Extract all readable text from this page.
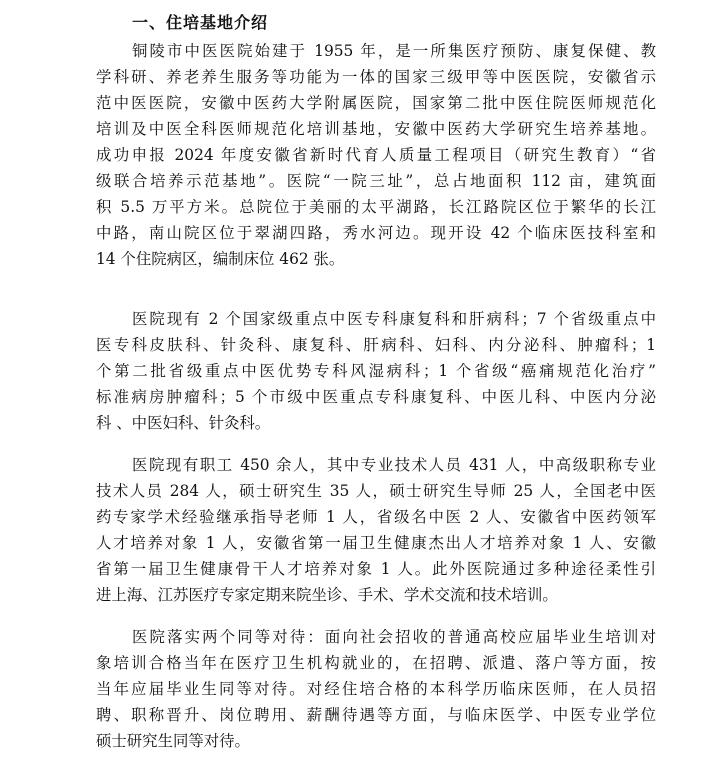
一、住培基地介绍
铜陵市中医医院始建于 1955 年，是一所集医疗预防、康复保健、教
学科研、养老养生服务等功能为一体的国家三级甲等中医医院，安徽省示
范中医医院，安徽中医药大学附属医院，国家第二批中医住院医师规范化
培训及中医全科医师规范化培训基地，安徽中医药大学研究生培养基地。
成功申报 2024 年度安徽省新时代育人质量工程项目（研究生教育）“省
级联合培养示范基地”。医院“一院三址”，总占地面积 112 亩，建筑面
积 5.5 万平方米。总院位于美丽的太平湖路，长江路院区位于繁华的长江
中路，南山院区位于翠湖四路，秀水河边。现开设 42 个临床医技科室和
14 个住院病区，编制床位 462 张。
医院现有 2 个国家级重点中医专科康复科和肝病科；7 个省级重点中
医专科皮肤科、针灸科、康复科、肝病科、妇科、内分泌科、肿瘤科；1
个第二批省级重点中医优势专科风湿病科；1 个省级“癌痛规范化治疗”
标准病房肿瘤科；5 个市级中医重点专科康复科、中医儿科、中医内分泌
科 、中医妇科、针灸科。
医院现有职工 450 余人，其中专业技术人员 431 人，中高级职称专业
技术人员 284 人，硕士研究生 35 人，硕士研究生导师 25 人，全国老中医
药专家学术经验继承指导老师 1 人，省级名中医 2 人、安徽省中医药领军
人才培养对象 1 人，安徽省第一届卫生健康杰出人才培养对象 1 人、安徽
省第一届卫生健康骨干人才培养对象 1 人。此外医院通过多种途径柔性引
进上海、江苏医疗专家定期来院坐诊、手术、学术交流和技术培训。
医院落实两个同等对待：面向社会招收的普通高校应届毕业生培训对
象培训合格当年在医疗卫生机构就业的，在招聘、派遣、落户等方面，按
当年应届毕业生同等对待。对经住培合格的本科学历临床医师，在人员招
聘、职称晋升、岗位聘用、薪酬待遇等方面，与临床医学、中医专业学位
硕士研究生同等对待。
